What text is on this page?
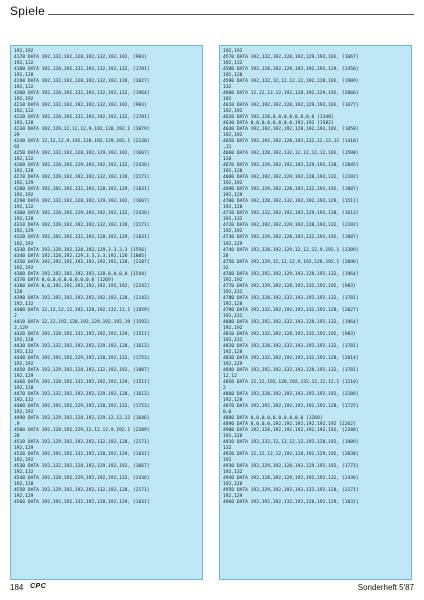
Spiele
192,192
4170 DATA 192,132,192,128,192,132,192,192, [983]
192,132
4180 DATA 192,128,192,132,192,132,192,132, [1781]
192,128
4190 DATA 192,132,192,128,192,132,192,128, [2027]
192,132
4200 DATA 192,128,192,132,192,132,192,132, [1964]
192,192
4210 DATA 192,132,192,192,192,132,192,192, [983]
192,132
4220 DATA 192,128,192,132,192,192,192,132, [1781]
192,128
4230 DATA 192,129,12,12,12,9,192,128,192,1 [2079]
29
4240 DATA 12,12,12,9,192,128,192,129,192,1 [2138]
92
4250 DATA 192,132,192,128,192,129,192,192, [1667]
192,132
4260 DATA 192,128,192,129,192,192,192,132, [2436]
192,128
4270 DATA 192,129,192,192,192,132,192,128, [2171]
192,129
4280 DATA 192,192,192,132,192,128,192,129, [1831]
192,192
4290 DATA 192,132,192,128,192,129,192,192, [1667]
192,132
4300 DATA 192,128,192,129,192,192,192,132, [2436]
192,128
4310 DATA 192,129,192,192,192,132,192,128, [2171]
192,129
4320 DATA 192,192,192,132,192,128,192,129, [1831]
192,192
4330 DATA 192,129,192,128,192,129,3,3,3,3 [1556]
4340 DATA 192,128,192,129,3,3,3,3,192,128 [1805]
4350 DATA 192,192,192,192,192,192,192,128, [2187]
192,192
4360 DATA 192,192,192,192,192,128,0,0,0,0 [1544]
4370 DATA 0,0,0,0,0,0,0,0,0,0 [1269]
4380 DATA 0,0,192,192,192,192,192,192,192, [2242]
128
4390 DATA 192,192,192,192,192,192,192,128, [2143]
192,132
4400 DATA 12,12,12,12,192,128,192,132,11,1 [1859]
2
4410 DATA 12,12,192,128,192,129,192,192,19 [1593]
2,129
4420 DATA 192,128,192,132,192,192,192,129, [1511]
192,128
4430 DATA 192,132,192,192,192,129,192,128, [1613]
192,132
4440 DATA 192,192,192,129,192,128,192,132, [1753]
192,192
4450 DATA 192,129,192,128,192,132,192,192, [1887]
192,129
4460 DATA 192,128,192,132,192,192,192,129, [1511]
192,128
4470 DATA 192,132,192,192,192,129,192,128, [1613]
192,132
4480 DATA 192,192,192,129,192,128,192,132, [1753]
192,192
4490 DATA 192,129,192,128,192,129,12,12,12 [1646]
,9
4500 DATA 192,128,192,129,12,12,12,9,192,1 [2209]
28
4510 DATA 192,129,192,192,192,132,192,128, [2171]
192,129
4520 DATA 192,192,192,132,192,128,192,129, [1831]
192,192
4530 DATA 192,132,192,128,192,129,192,192, [1667]
192,132
4540 DATA 192,128,192,129,192,192,192,132, [2436]
192,128
4550 DATA 192,129,192,192,192,132,192,128, [2171]
192,129
4560 DATA 192,192,192,132,192,128,192,129, [1831]
192,192
4570 DATA 192,132,192,128,192,129,192,192, [1667]
192,132
4580 DATA 192,128,192,129,192,192,192,129, [2456]
192,128
4590 DATA 192,132,12,12,12,12,192,128,192, [1909]
132
4600 DATA 12,12,12,12,192,128,192,129,192, [2066]
192
4610 DATA 192,192,192,128,192,129,192,192, [1677]
192,192
4620 DATA 192,128,0,0,0,0,0,0,0,0 [1348]
4630 DATA 0,0,0,0,0,0,0,0,192,192 [1582]
4640 DATA 192,192,192,192,128,192,192,192, [1858]
192,192
4650 DATA 192,192,192,128,192,132,12,12,12 [1418]
,12
4660 DATA 192,128,192,132,12,12,12,12,192, [1590]
128
4670 DATA 192,129,192,192,192,129,192,128, [2045]
192,128
4680 DATA 192,192,192,129,192,128,192,132, [2192]
192,192
4690 DATA 192,129,192,128,192,132,192,192, [1887]
192,129
4700 DATA 192,128,192,132,192,192,192,129, [1511]
192,128
4710 DATA 192,132,192,192,192,129,192,128, [1613]
192,132
4720 DATA 192,192,192,129,192,128,192,132, [2192]
192,192
4730 DATA 192,129,192,128,192,132,192,192, [1887]
192,129
4740 DATA 192,128,192,129,12,12,12,9,192,1 [2209]
28
4750 DATA 192,129,12,12,12,9,192,128,192,1 [2096]
32
4760 DATA 192,192,192,129,192,128,192,132, [1964]
192,192
4770 DATA 192,129,192,128,192,132,192,192, [983]
192,132
4780 DATA 192,128,192,132,192,192,192,132, [1781]
192,128
4790 DATA 192,132,192,192,192,132,192,128, [2027]
192,132
4800 DATA 192,192,192,132,192,128,192,132, [1964]
192,192
4810 DATA 192,132,192,128,192,132,192,192, [983]
192,132
4820 DATA 192,128,192,132,192,192,192,132, [1781]
192,128
4830 DATA 192,132,192,192,192,132,192,128, [2014]
192,129
4840 DATA 192,192,192,132,192,128,192,132, [1781]
12,12
4850 DATA 12,12,192,128,192,132,12,12,12,1 [1210]
2
4860 DATA 192,128,192,192,192,192,192,192, [2288]
192,128
4870 DATA 192,192,192,192,192,192,192,128, [1725]
0,0
4880 DATA 0,0,0,0,0,0,0,0,0,0 [1269]
4890 DATA 0,0,0,0,192,192,192,192,192,192 [2262]
4900 DATA 192,128,192,192,192,192,192,192, [2288]
192,128
4910 DATA 192,132,12,12,12,12,192,128,192, [1909]
132
4920 DATA 12,12,12,12,192,128,192,129,192, [2038]
192
4930 DATA 192,129,192,128,192,129,192,192, [1773]
192,132
4940 DATA 192,128,192,129,192,192,192,132, [2436]
192,128
4950 DATA 192,129,192,192,192,132,192,128, [2171]
192,129
4960 DATA 192,192,192,132,192,128,192,129, [1831]
184 CPC	Sonderheft 5'87
